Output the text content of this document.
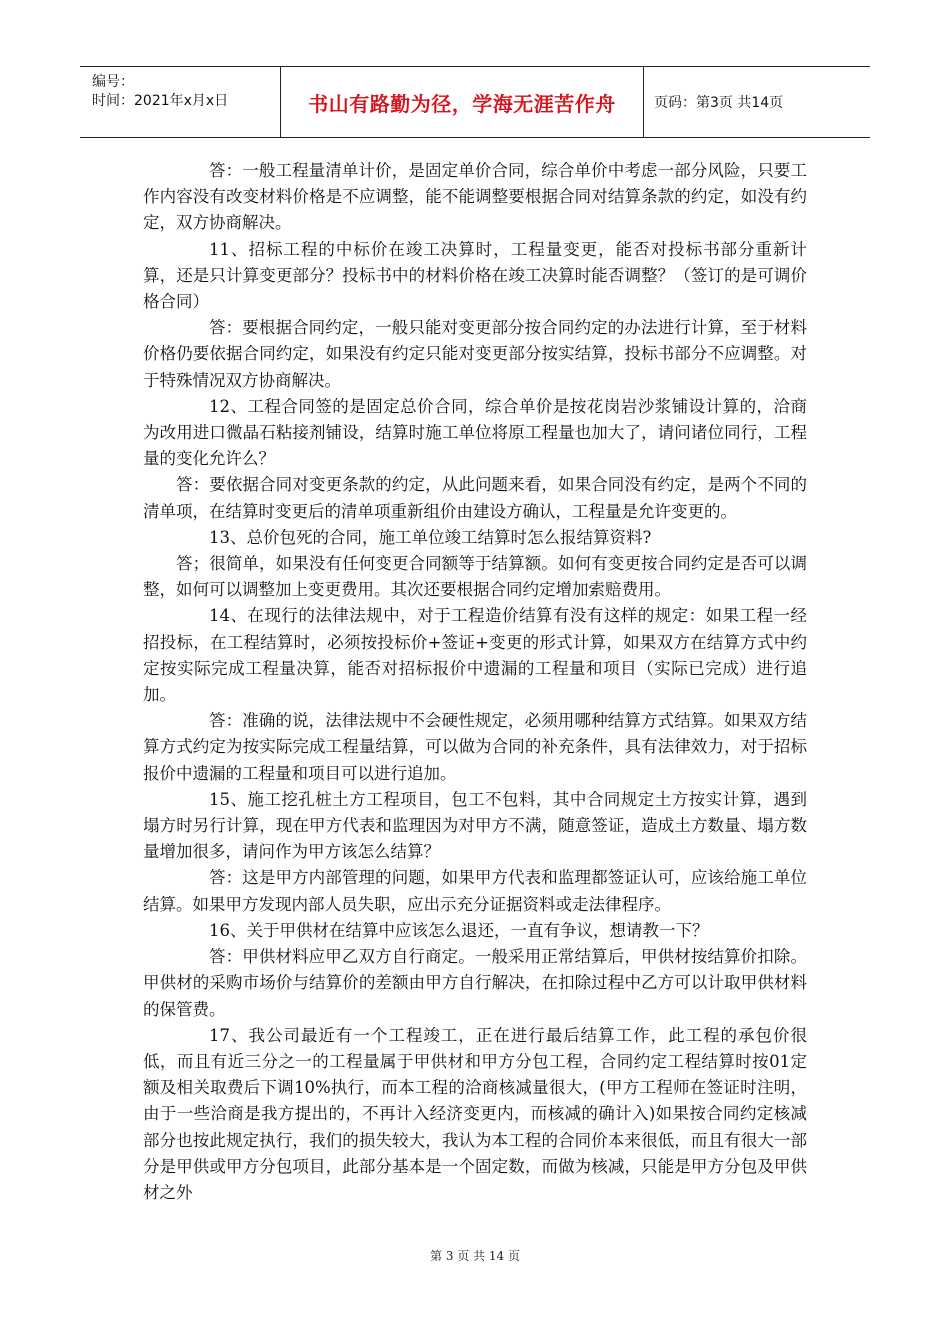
编号：
时间：2021年x月x日	书山有路勤为径，学海无涯苦作舟	页码：第3页 共14页

答：一般工程量清单计价，是固定单价合同，综合单价中考虑一部分风险，只要工作内容没有改变材料价格是不应调整，能不能调整要根据合同对结算条款的约定，如没有约定，双方协商解决。

11、招标工程的中标价在竣工决算时，工程量变更，能否对投标书部分重新计算，还是只计算变更部分？投标书中的材料价格在竣工决算时能否调整？（签订的是可调价格合同）

答：要根据合同约定，一般只能对变更部分按合同约定的办法进行计算，至于材料价格仍要依据合同约定，如果没有约定只能对变更部分按实结算，投标书部分不应调整。对于特殊情况双方协商解决。

12、工程合同签的是固定总价合同，综合单价是按花岗岩沙浆铺设计算的，洽商为改用进口微晶石粘接剂铺设，结算时施工单位将原工程量也加大了，请问诸位同行，工程量的变化允许么？

答：要依据合同对变更条款的约定，从此问题来看，如果合同没有约定，是两个不同的清单项，在结算时变更后的清单项重新组价由建设方确认，工程量是允许变更的。

13、总价包死的合同，施工单位竣工结算时怎么报结算资料?

答；很简单，如果没有任何变更合同额等于结算额。如何有变更按合同约定是否可以调整，如何可以调整加上变更费用。其次还要根据合同约定增加索赔费用。

14、在现行的法律法规中，对于工程造价结算有没有这样的规定：如果工程一经招投标，在工程结算时，必须按投标价+签证+变更的形式计算，如果双方在结算方式中约定按实际完成工程量决算，能否对招标报价中遗漏的工程量和项目（实际已完成）进行追加。

答：准确的说，法律法规中不会硬性规定，必须用哪种结算方式结算。如果双方结算方式约定为按实际完成工程量结算，可以做为合同的补充条件，具有法律效力，对于招标报价中遗漏的工程量和项目可以进行追加。

15、施工挖孔桩土方工程项目，包工不包料，其中合同规定土方按实计算，遇到塌方时另行计算，现在甲方代表和监理因为对甲方不满，随意签证，造成土方数量、塌方数量增加很多，请问作为甲方该怎么结算？

答：这是甲方内部管理的问题，如果甲方代表和监理都签证认可，应该给施工单位结算。如果甲方发现内部人员失职，应出示充分证据资料或走法律程序。

16、关于甲供材在结算中应该怎么退还，一直有争议，想请教一下？

答：甲供材料应甲乙双方自行商定。一般采用正常结算后，甲供材按结算价扣除。甲供材的采购市场价与结算价的差额由甲方自行解决，在扣除过程中乙方可以计取甲供材料的保管费。

17、我公司最近有一个工程竣工，正在进行最后结算工作，此工程的承包价很低，而且有近三分之一的工程量属于甲供材和甲方分包工程，合同约定工程结算时按01定额及相关取费后下调10%执行，而本工程的洽商核减量很大，(甲方工程师在签证时注明，由于一些洽商是我方提出的，不再计入经济变更内，而核减的确计入)如果按合同约定核减部分也按此规定执行，我们的损失较大，我认为本工程的合同价本来很低，而且有很大一部分是甲供或甲方分包项目，此部分基本是一个固定数，而做为核减，只能是甲方分包及甲供材之外

第 3 页 共 14 页
